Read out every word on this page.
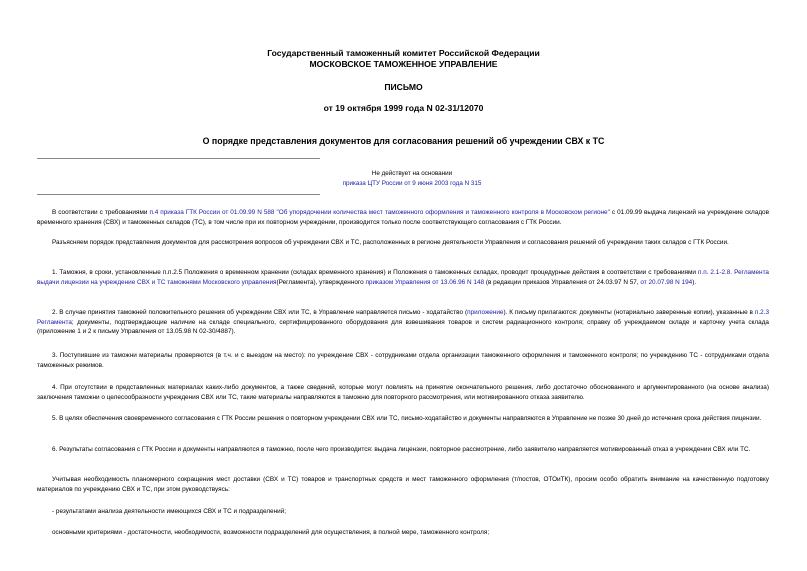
Государственный таможенный комитет Российской Федерации
МОСКОВСКОЕ ТАМОЖЕННОЕ УПРАВЛЕНИЕ
ПИСЬМО
от 19 октября 1999 года N 02-31/12070
О порядке представления документов для согласования решений об учреждении СВХ к ТС
Не действует на основании
приказа ЦТУ России от 9 июня 2003 года N 315
В соответствии с требованиями п.4 приказа ГТК России от 01.09.99 N 588 "Об упорядочении количества мест таможенного оформления и таможенного контроля в Московском регионе" с 01.09.99 выдача лицензий на учреждение складов временного хранения (СВХ) и таможенных складов (ТС), в том числе при их повторном учреждении, производится только после соответствующего согласования с ГТК России.
Разъясняем порядок представления документов для рассмотрения вопросов об учреждении СВХ и ТС, расположенных в регионе деятельности Управления и согласования решений об учреждении таких складов с ГТК России.
1. Таможня, в сроки, установленные п.п.2.5 Положения о временном хранении (складах временного хранения) и Положения о таможенных складах, проводит процедурные действия в соответствии с требованиями п.п. 2.1-2.8. Регламента выдачи лицензии на учреждение СВХ и ТС таможнями Московского управления(Регламента), утвержденного приказом Управления от 13.06.96 N 148 (в редакции приказов Управления от 24.03.97 N 57, от 20.07.98 N 194).
2. В случае принятия таможней положительного решения об учреждении СВХ или ТС, в Управление направляется письмо - ходатайство (приложение). К письму прилагаются: документы (нотариально заверенные копии), указанные в п.2.3 Регламента; документы, подтверждающие наличие на складе специального, сертифицированного оборудования для взвешивания товаров и систем радиационного контроля; справку об учреждаемом складе и карточку учета склада (приложение 1 и 2 к письму Управления от 13.05.98 N 02-30/4887).
3. Поступившие из таможни материалы проверяются (в т.ч. и с выездом на место): по учреждение СВХ - сотрудниками отдела организации таможенного оформления и таможенного контроля; по учреждению ТС - сотрудниками отдела таможенных режимов.
4. При отсутствии в представленных материалах каких-либо документов, а также сведений, которые могут повлиять на принятие окончательного решения, либо достаточно обоснованного и аргументированного (на основе анализа) заключения таможни о целесообразности учреждения СВХ или ТС, такие материалы направляются в таможню для повторного рассмотрения, или мотивированного отказа заявителю.
5. В целях обеспечения своевременного согласования с ГТК России решения о повторном учреждении СВХ или ТС, письмо-ходатайство и документы направляются в Управление не позже 30 дней до истечения срока действия лицензии.
6. Результаты согласования с ГТК России и документы направляются в таможню, после чего производится: выдача лицензии, повторное рассмотрение, либо заявителю направляется мотивированный отказ в учреждении СВХ или ТС.
Учитывая необходимость планомерного сокращения мест доставки (СВХ и ТС) товаров и транспортных средств и мест таможенного оформления (т/постов, ОТОиТК), просим особо обратить внимание на качественную подготовку материалов по учреждению СВХ и ТС, при этом руководствуясь:
- результатами анализа деятельности имеющихся СВХ и ТС и подразделений;
основными критериями - достаточности, необходимости, возможности подразделений для осуществления, в полной мере, таможенного контроля;
